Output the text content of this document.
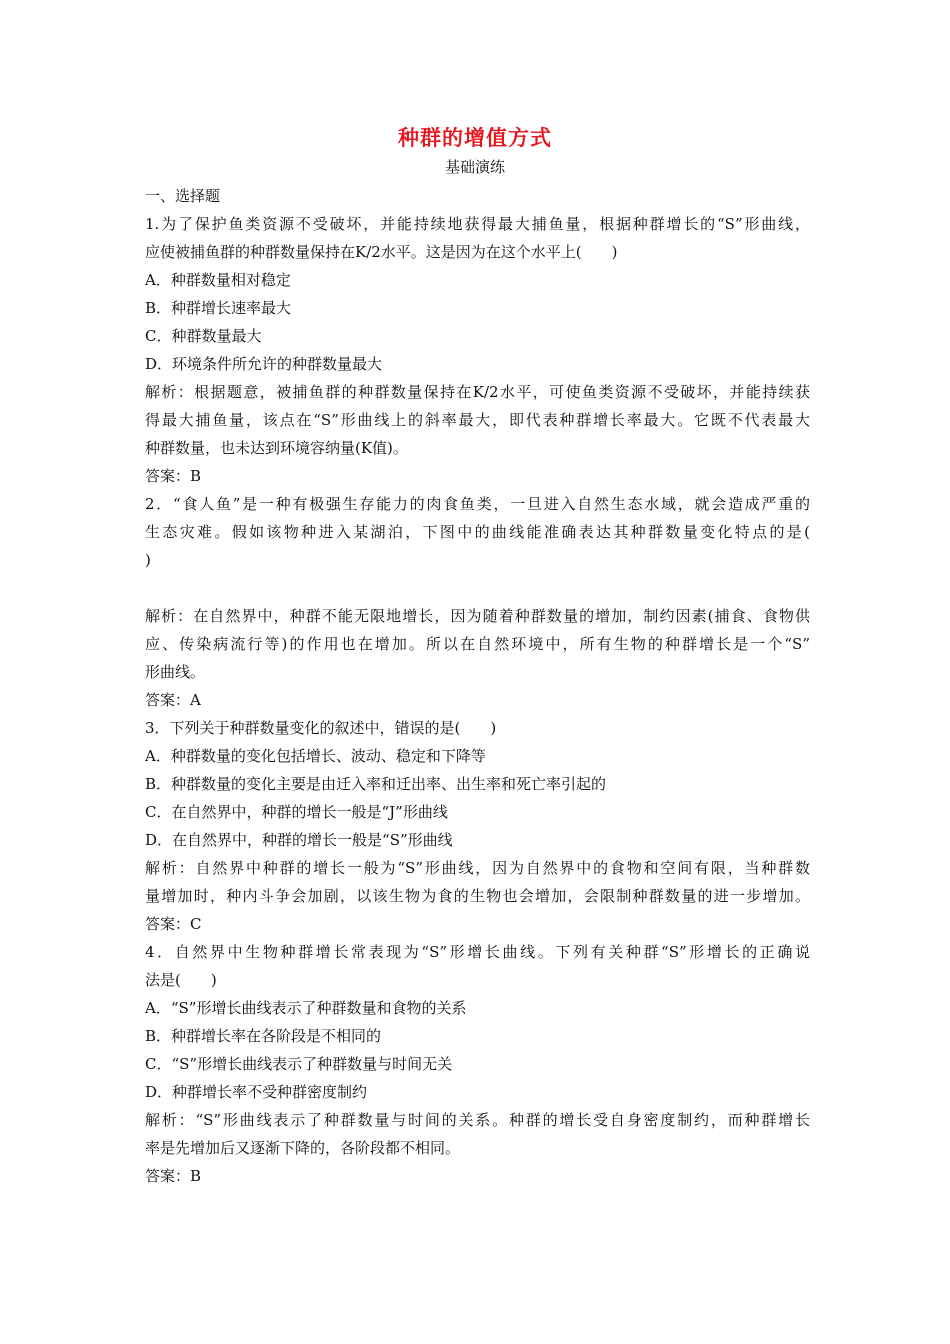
种群的增值方式
基础演练
一、选择题
1.为了保护鱼类资源不受破坏，并能持续地获得最大捕鱼量，根据种群增长的“S”形曲线，
应使被捕鱼群的种群数量保持在K/2水平。这是因为在这个水平上(　　)
A．种群数量相对稳定
B．种群增长速率最大
C．种群数量最大
D．环境条件所允许的种群数量最大
解析：根据题意，被捕鱼群的种群数量保持在K/2水平，可使鱼类资源不受破坏，并能持续获
得最大捕鱼量，该点在“S”形曲线上的斜率最大，即代表种群增长率最大。它既不代表最大
种群数量，也未达到环境容纳量(K值)。
答案：B
2．“食人鱼”是一种有极强生存能力的肉食鱼类，一旦进入自然生态水域，就会造成严重的
生态灾难。假如该物种进入某湖泊，下图中的曲线能准确表达其种群数量变化特点的是(
)
解析：在自然界中，种群不能无限地增长，因为随着种群数量的增加，制约因素(捕食、食物供
应、传染病流行等)的作用也在增加。所以在自然环境中，所有生物的种群增长是一个“S”
形曲线。
答案：A
3．下列关于种群数量变化的叙述中，错误的是(　　)
A．种群数量的变化包括增长、波动、稳定和下降等
B．种群数量的变化主要是由迁入率和迁出率、出生率和死亡率引起的
C．在自然界中，种群的增长一般是“J”形曲线
D．在自然界中，种群的增长一般是“S”形曲线
解析：自然界中种群的增长一般为“S”形曲线，因为自然界中的食物和空间有限，当种群数
量增加时，种内斗争会加剧，以该生物为食的生物也会增加，会限制种群数量的进一步增加。
答案：C
4．自然界中生物种群增长常表现为“S”形增长曲线。下列有关种群“S”形增长的正确说
法是(　　)
A．“S”形增长曲线表示了种群数量和食物的关系
B．种群增长率在各阶段是不相同的
C．“S”形增长曲线表示了种群数量与时间无关
D．种群增长率不受种群密度制约
解析：“S”形曲线表示了种群数量与时间的关系。种群的增长受自身密度制约，而种群增长
率是先增加后又逐渐下降的，各阶段都不相同。
答案：B
